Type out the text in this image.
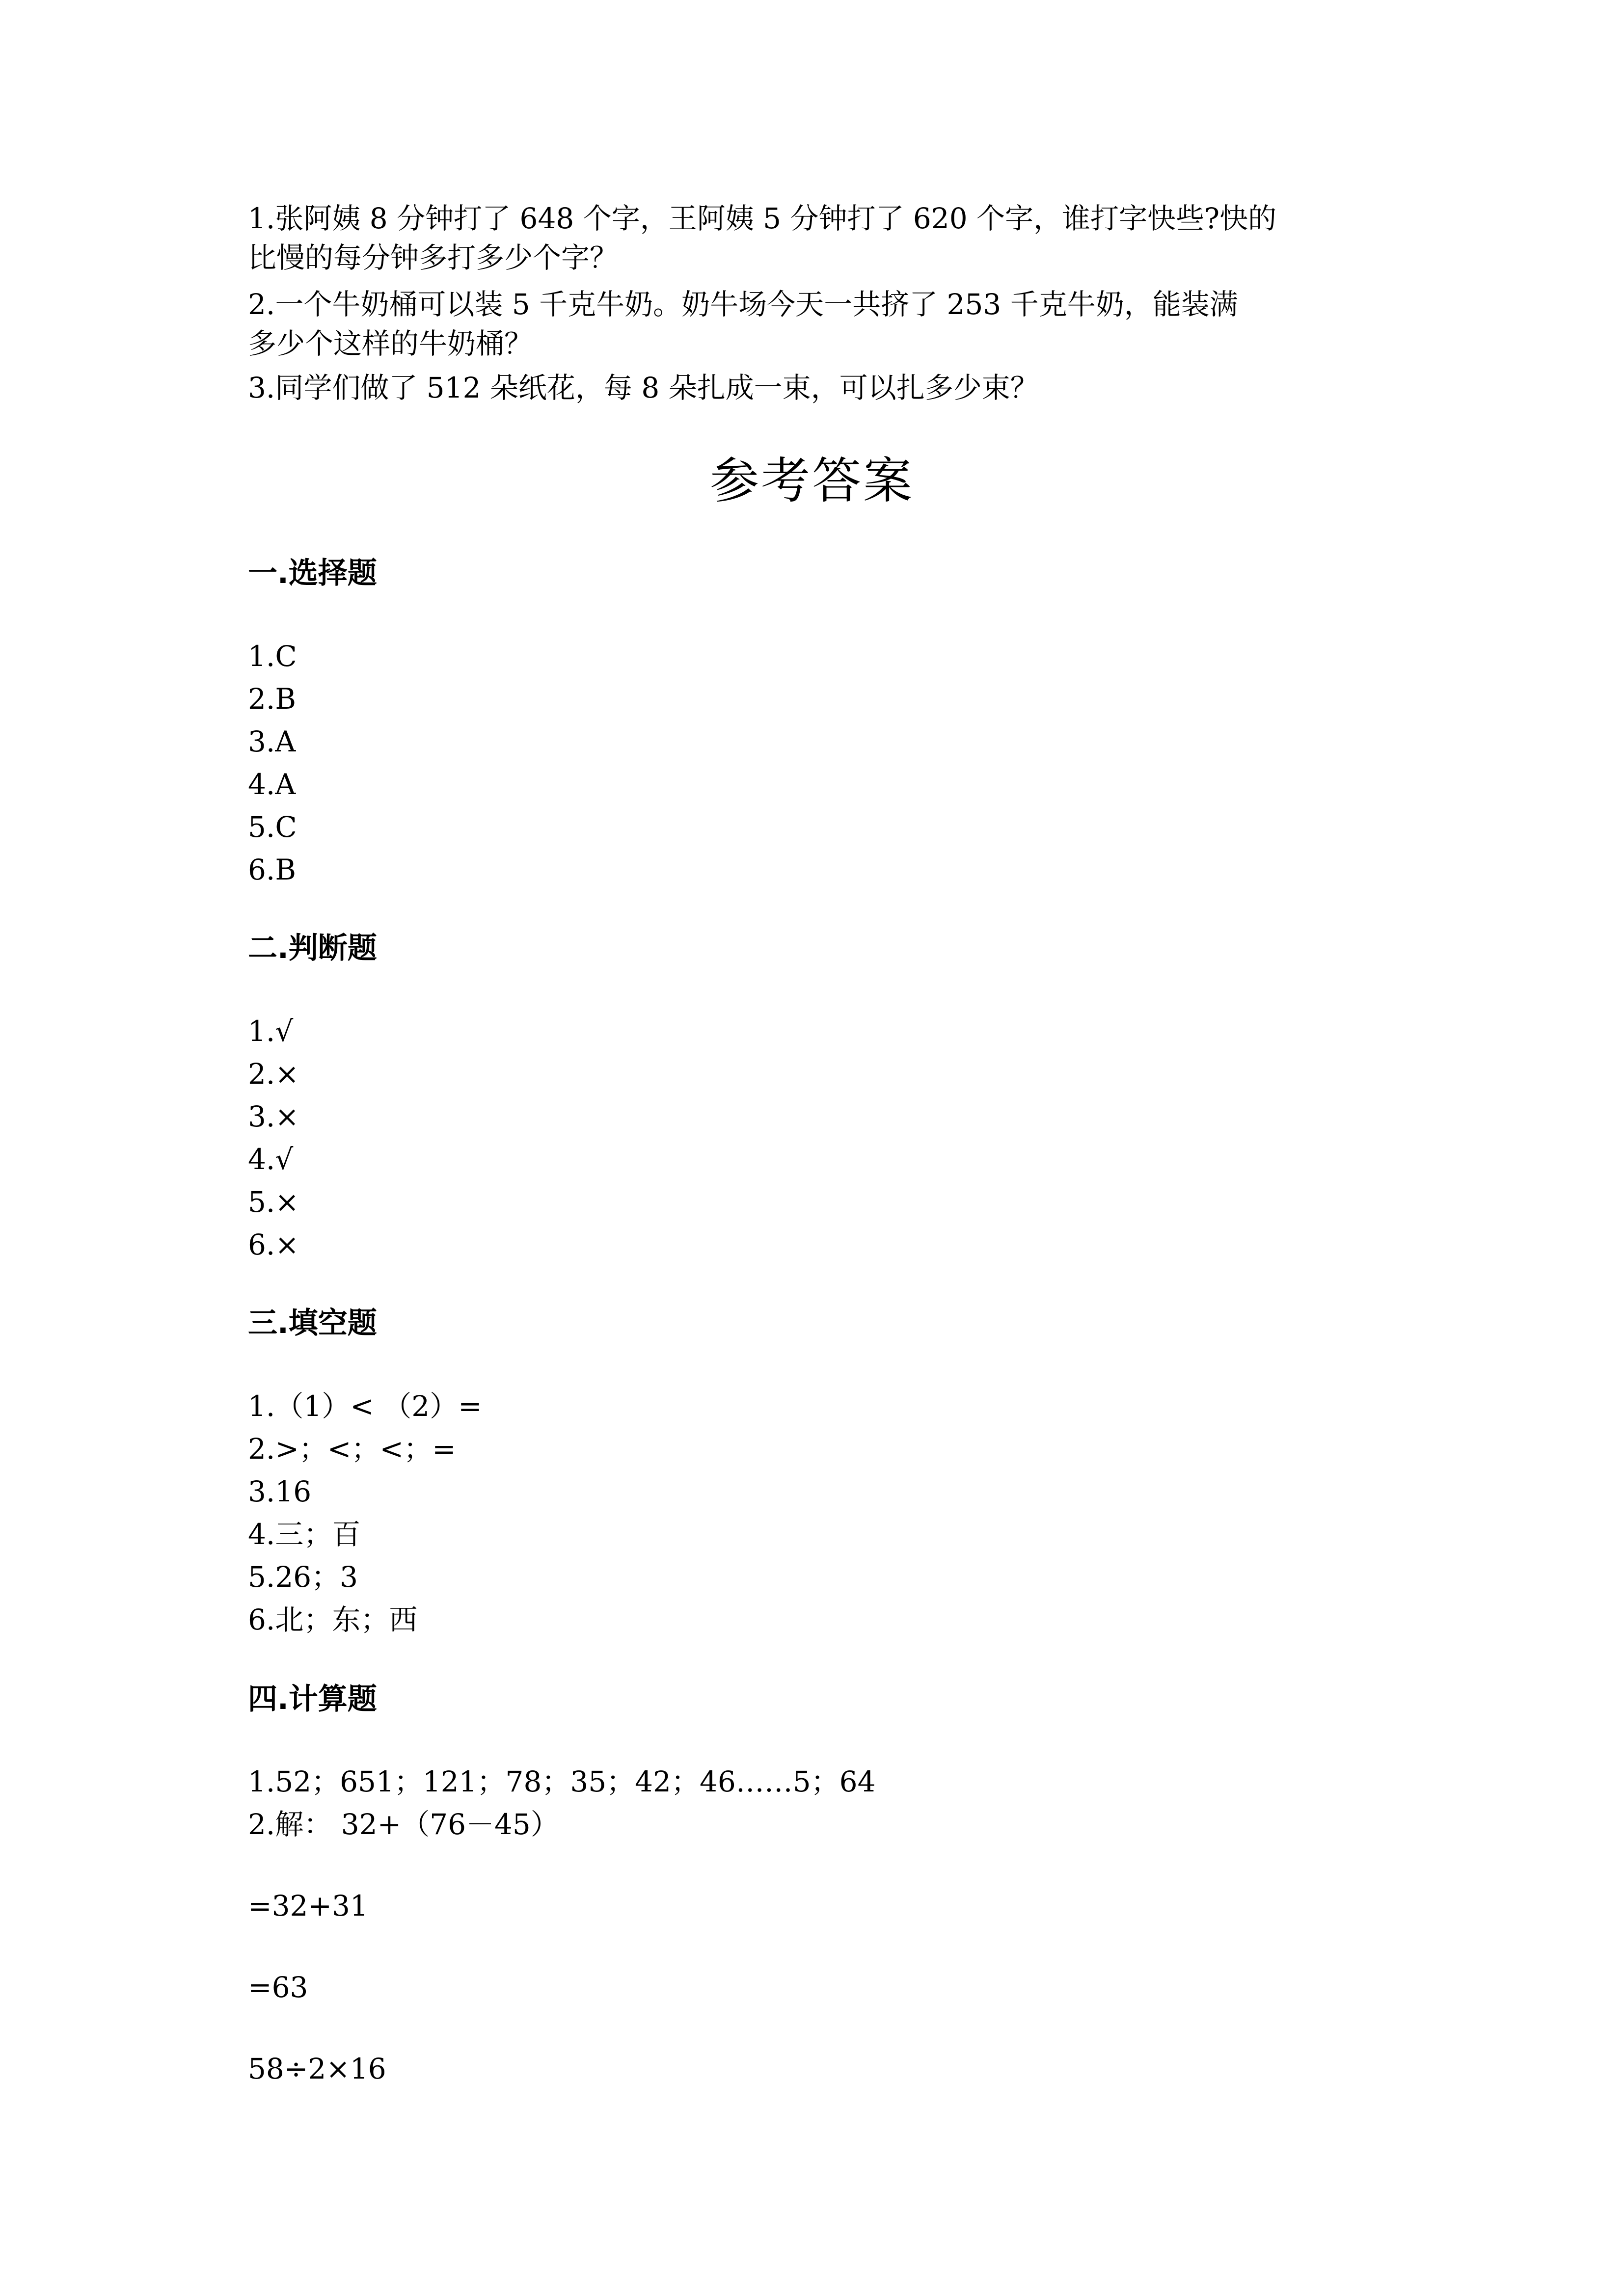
1.张阿姨 8 分钟打了 648 个字，王阿姨 5 分钟打了 620 个字，谁打字快些?快的
比慢的每分钟多打多少个字？
2.一个牛奶桶可以装 5 千克牛奶。奶牛场今天一共挤了 253 千克牛奶，能装满
多少个这样的牛奶桶？
3.同学们做了 512 朵纸花，每 8 朵扎成一束，可以扎多少束？
参考答案
一.选择题
1.C
2.B
3.A
4.A
5.C
6.B
二.判断题
1.√
2.×
3.×
4.√
5.×
6.×
三.填空题
1.（1）< （2）=
2.>；<；<；=
3.16
4.三；百
5.26；3
6.北；东；西
四.计算题
1.52；651；121；78；35；42；46……5；64
2.解： 32+（76－45）
=32+31
=63
58÷2×16
